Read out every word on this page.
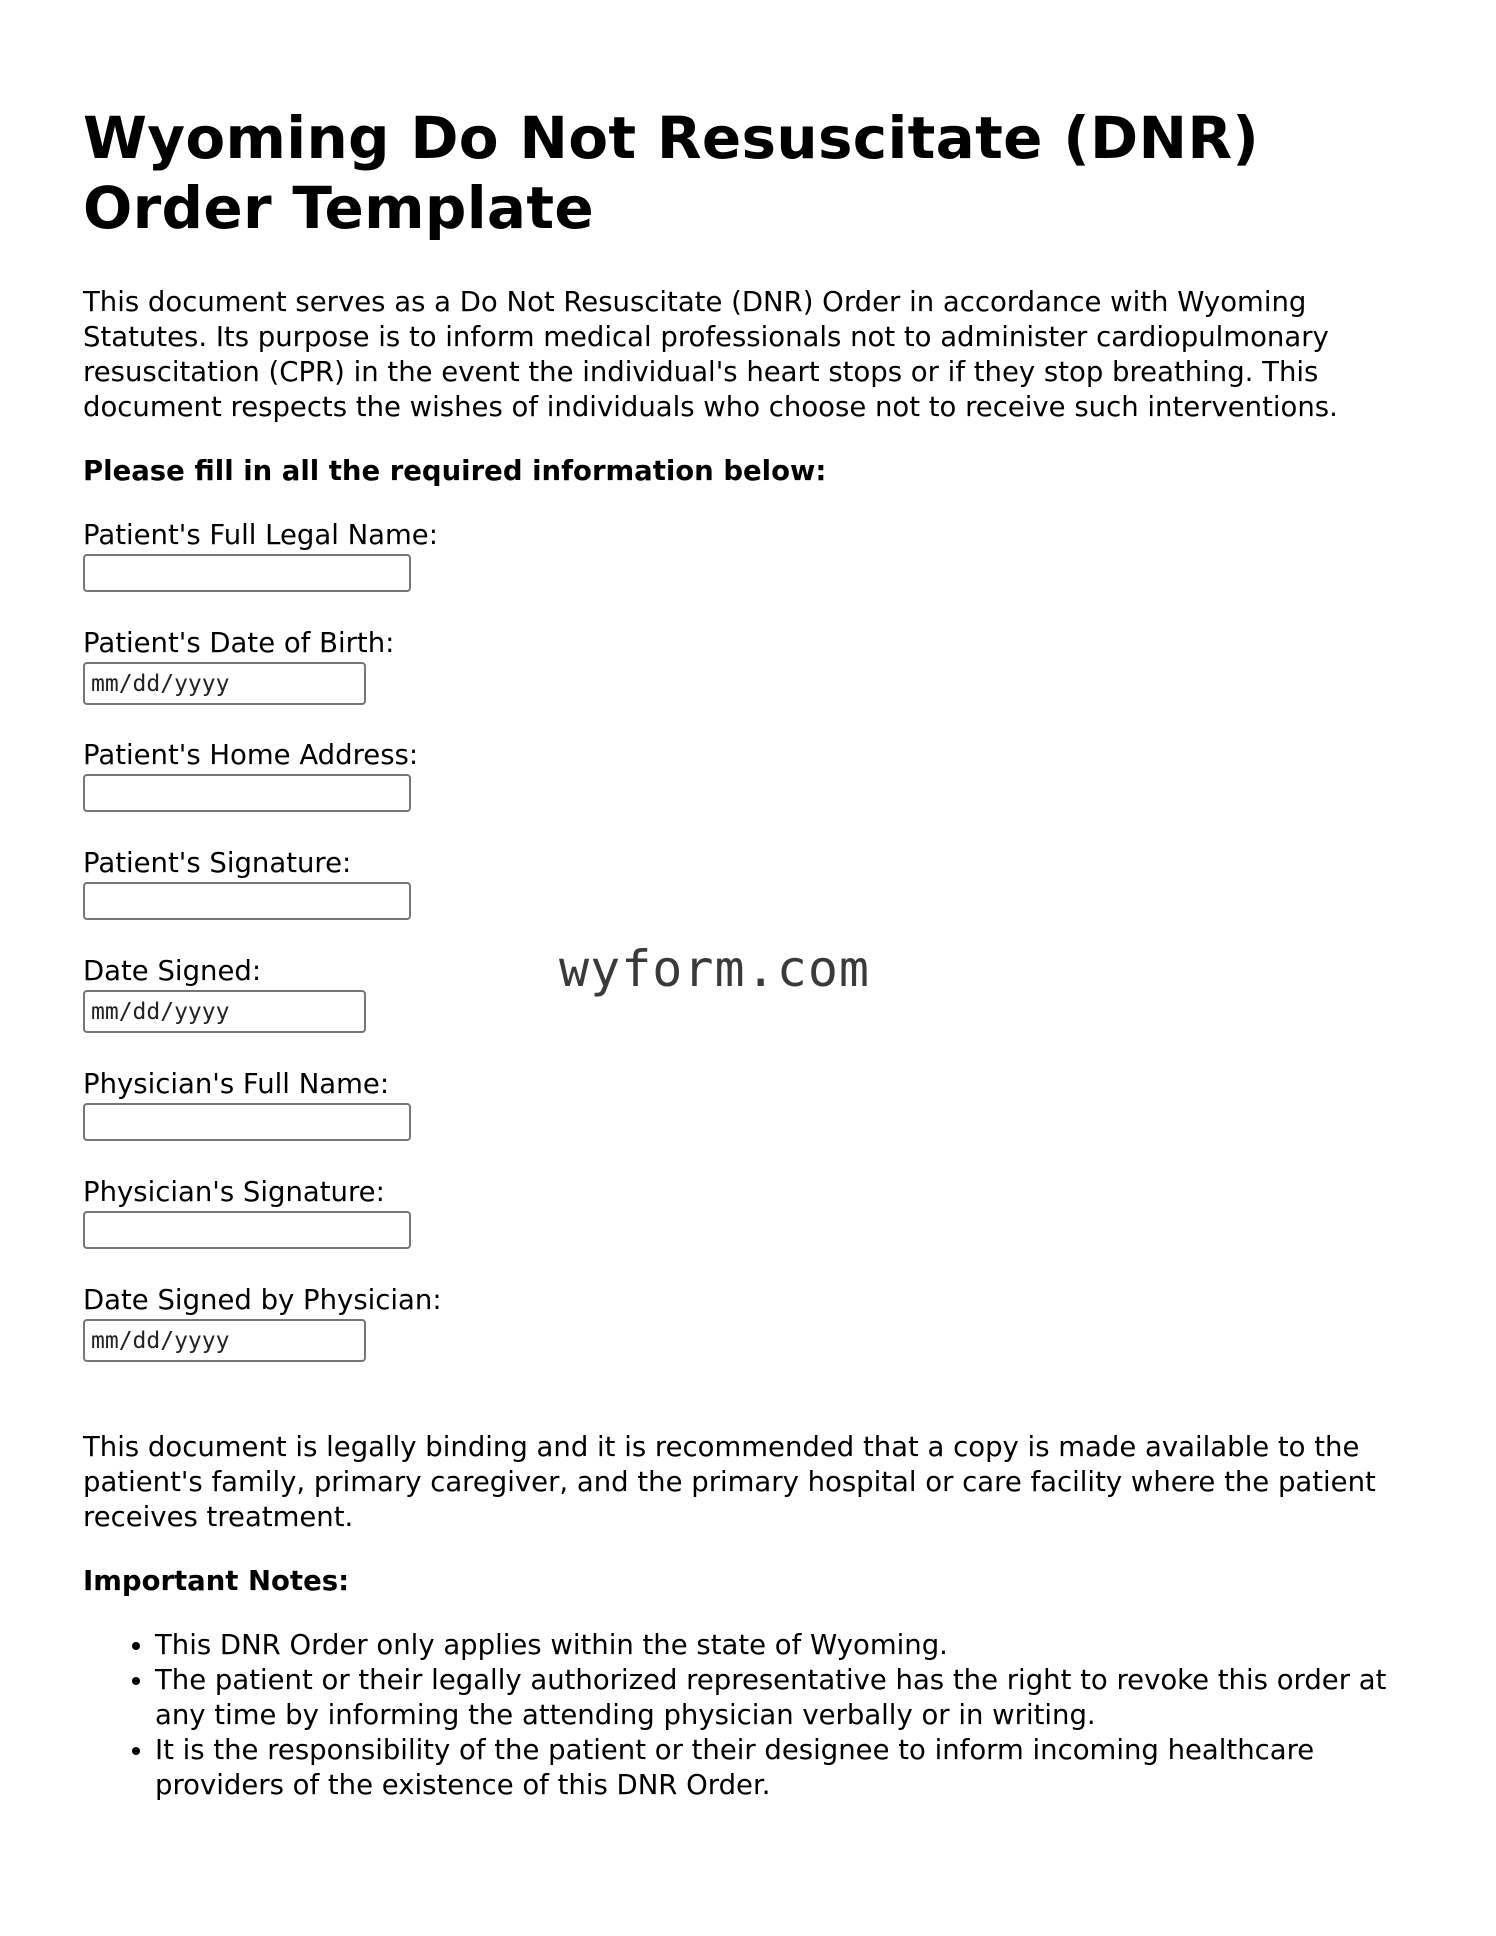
Wyoming Do Not Resuscitate (DNR) Order Template

This document serves as a Do Not Resuscitate (DNR) Order in accordance with Wyoming Statutes. Its purpose is to inform medical professionals not to administer cardiopulmonary resuscitation (CPR) in the event the individual's heart stops or if they stop breathing. This document respects the wishes of individuals who choose not to receive such interventions.

Please fill in all the required information below:

Patient's Full Legal Name:
Patient's Date of Birth:
mm/dd/yyyy
Patient's Home Address:
Patient's Signature:
Date Signed:
mm/dd/yyyy
Physician's Full Name:
Physician's Signature:
Date Signed by Physician:
mm/dd/yyyy

This document is legally binding and it is recommended that a copy is made available to the patient's family, primary caregiver, and the primary hospital or care facility where the patient receives treatment.

Important Notes:

• This DNR Order only applies within the state of Wyoming.
• The patient or their legally authorized representative has the right to revoke this order at any time by informing the attending physician verbally or in writing.
• It is the responsibility of the patient or their designee to inform incoming healthcare providers of the existence of this DNR Order.
wyform.com
